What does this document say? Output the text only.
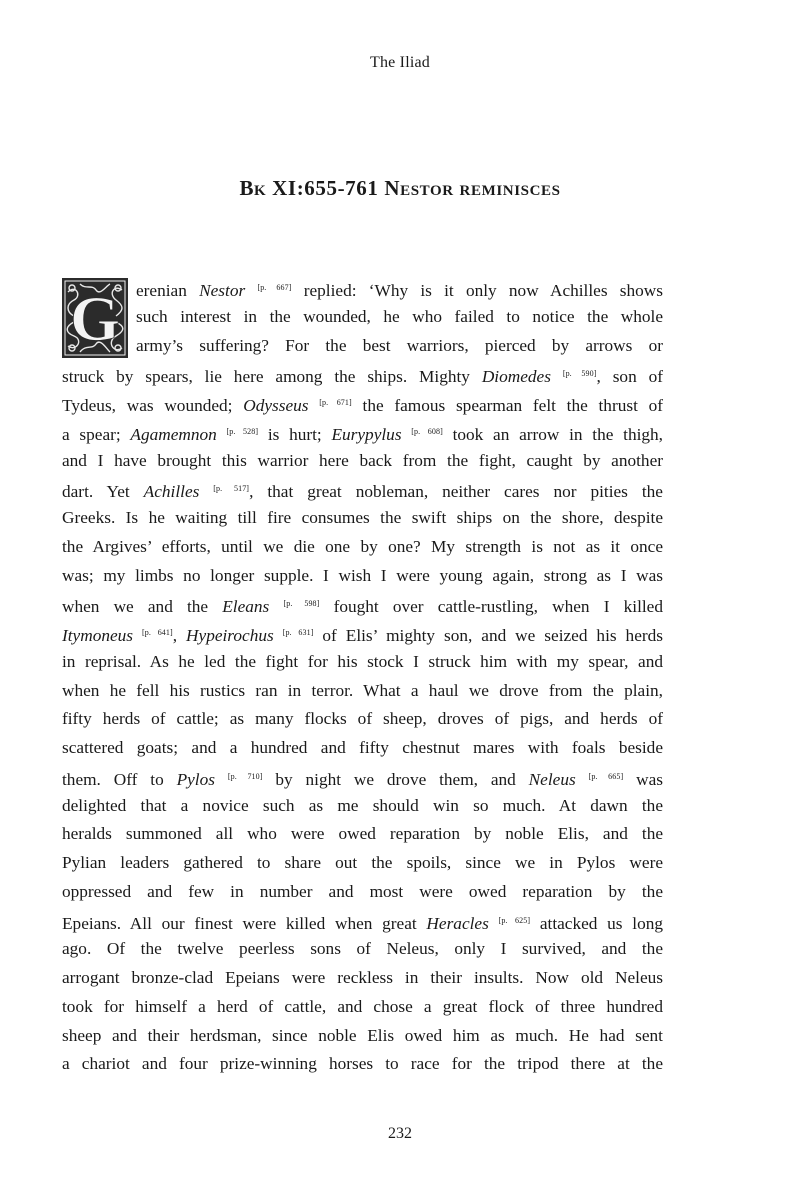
The Iliad
Bk XI:655-761 Nestor reminisces
G erenian Nestor [p. 667] replied: ‘Why is it only now Achilles shows
such interest in the wounded, he who failed to notice the whole
army’s suffering? For the best warriors, pierced by arrows or
struck by spears, lie here among the ships. Mighty Diomedes [p. 590], son of
Tydeus, was wounded; Odysseus [p. 671] the famous spearman felt the thrust of
a spear; Agamemnon [p. 528] is hurt; Eurypylus [p. 608] took an arrow in the thigh,
and I have brought this warrior here back from the fight, caught by another
dart. Yet Achilles [p. 517], that great nobleman, neither cares nor pities the
Greeks. Is he waiting till fire consumes the swift ships on the shore, despite
the Argives’ efforts, until we die one by one? My strength is not as it once
was; my limbs no longer supple. I wish I were young again, strong as I was
when we and the Eleans [p. 598] fought over cattle-rustling, when I killed
Itymoneus [p. 641], Hypeirochus [p. 631] of Elis’ mighty son, and we seized his herds
in reprisal. As he led the fight for his stock I struck him with my spear, and
when he fell his rustics ran in terror. What a haul we drove from the plain,
fifty herds of cattle; as many flocks of sheep, droves of pigs, and herds of
scattered goats; and a hundred and fifty chestnut mares with foals beside
them. Off to Pylos [p. 710] by night we drove them, and Neleus [p. 665] was
delighted that a novice such as me should win so much. At dawn the
heralds summoned all who were owed reparation by noble Elis, and the
Pylian leaders gathered to share out the spoils, since we in Pylos were
oppressed and few in number and most were owed reparation by the
Epeians. All our finest were killed when great Heracles [p. 625] attacked us long
ago. Of the twelve peerless sons of Neleus, only I survived, and the
arrogant bronze-clad Epeians were reckless in their insults. Now old Neleus
took for himself a herd of cattle, and chose a great flock of three hundred
sheep and their herdsman, since noble Elis owed him as much. He had sent
a chariot and four prize-winning horses to race for the tripod there at the
232
